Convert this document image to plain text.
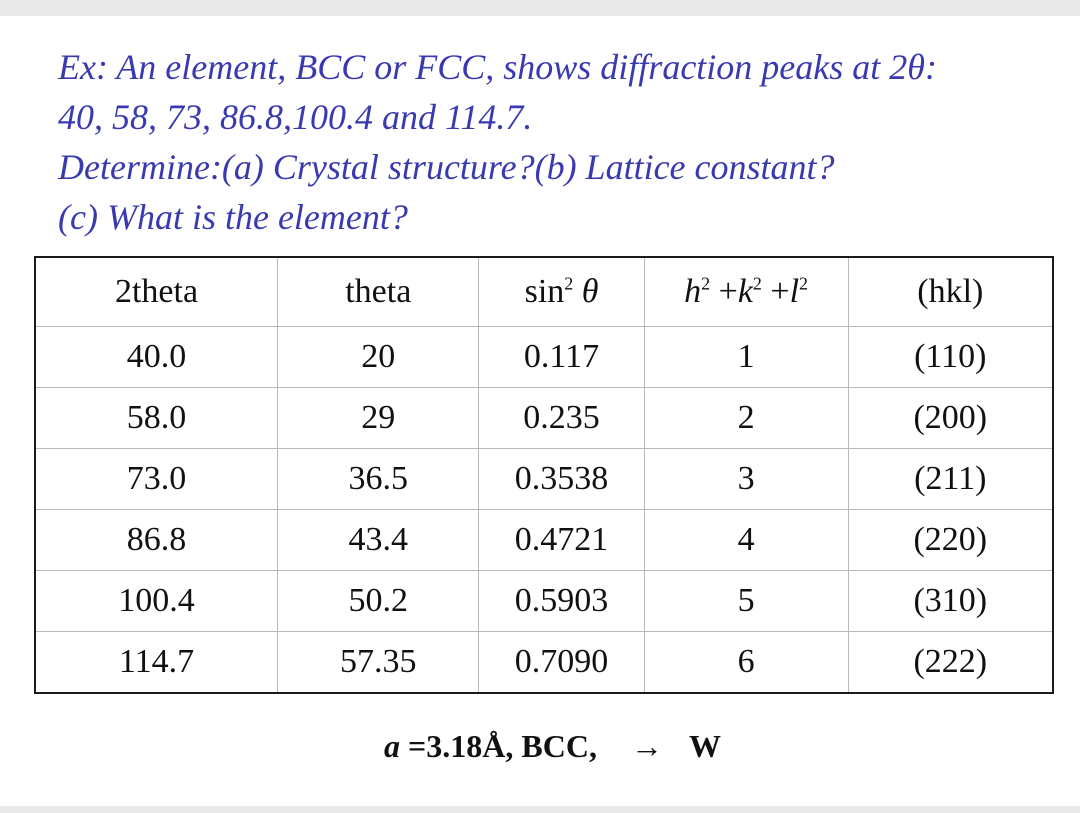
Ex: An element, BCC or FCC, shows diffraction peaks at 2θ:
40, 58, 73, 86.8,100.4 and 114.7.
Determine:(a) Crystal structure?(b) Lattice constant?
(c) What is the element?
2theta	theta	$\sin^2 \theta$	$h^2 +k^2 +l^2$	(hkl)
40.0	20	0.117	1	(110)
58.0	29	0.235	2	(200)
73.0	36.5	0.3538	3	(211)
86.8	43.4	0.4721	4	(220)
100.4	50.2	0.5903	5	(310)
114.7	57.35	0.7090	6	(222)
a =3.18Å, BCC, → W
